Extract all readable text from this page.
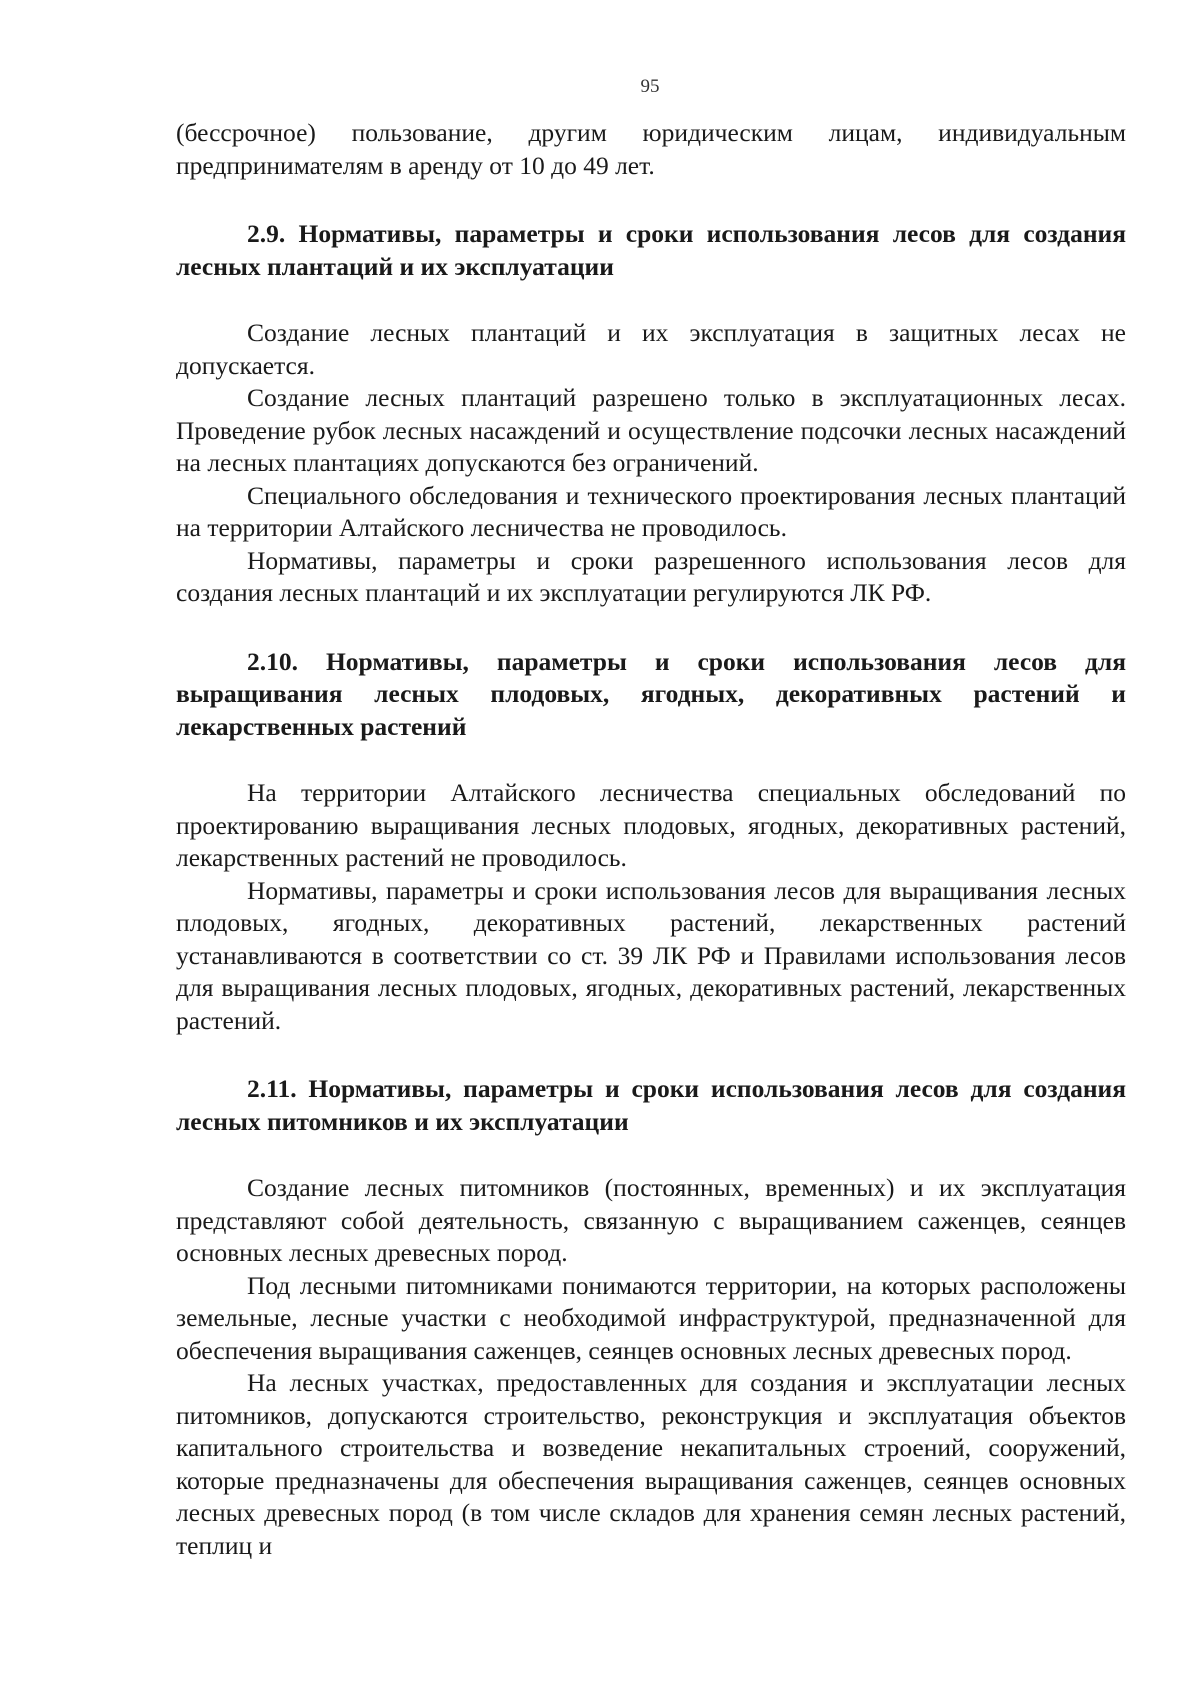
95

(бессрочное) пользование, другим юридическим лицам, индивидуальным предпринимателям в аренду от 10 до 49 лет.

2.9. Нормативы, параметры и сроки использования лесов для создания лесных плантаций и их эксплуатации

Создание лесных плантаций и их эксплуатация в защитных лесах не допускается.

Создание лесных плантаций разрешено только в эксплуатационных лесах. Проведение рубок лесных насаждений и осуществление подсочки лесных насаждений на лесных плантациях допускаются без ограничений.

Специального обследования и технического проектирования лесных плантаций на территории Алтайского лесничества не проводилось.

Нормативы, параметры и сроки разрешенного использования лесов для создания лесных плантаций и их эксплуатации регулируются ЛК РФ.

2.10. Нормативы, параметры и сроки использования лесов для выращивания лесных плодовых, ягодных, декоративных растений и лекарственных растений

На территории Алтайского лесничества специальных обследований по проектированию выращивания лесных плодовых, ягодных, декоративных растений, лекарственных растений не проводилось.

Нормативы, параметры и сроки использования лесов для выращивания лесных плодовых, ягодных, декоративных растений, лекарственных растений устанавливаются в соответствии со ст. 39 ЛК РФ и Правилами использования лесов для выращивания лесных плодовых, ягодных, декоративных растений, лекарственных растений.

2.11. Нормативы, параметры и сроки использования лесов для создания лесных питомников и их эксплуатации

Создание лесных питомников (постоянных, временных) и их эксплуатация представляют собой деятельность, связанную с выращиванием саженцев, сеянцев основных лесных древесных пород.

Под лесными питомниками понимаются территории, на которых расположены земельные, лесные участки с необходимой инфраструктурой, предназначенной для обеспечения выращивания саженцев, сеянцев основных лесных древесных пород.

На лесных участках, предоставленных для создания и эксплуатации лесных питомников, допускаются строительство, реконструкция и эксплуатация объектов капитального строительства и возведение некапитальных строений, сооружений, которые предназначены для обеспечения выращивания саженцев, сеянцев основных лесных древесных пород (в том числе складов для хранения семян лесных растений, теплиц и
